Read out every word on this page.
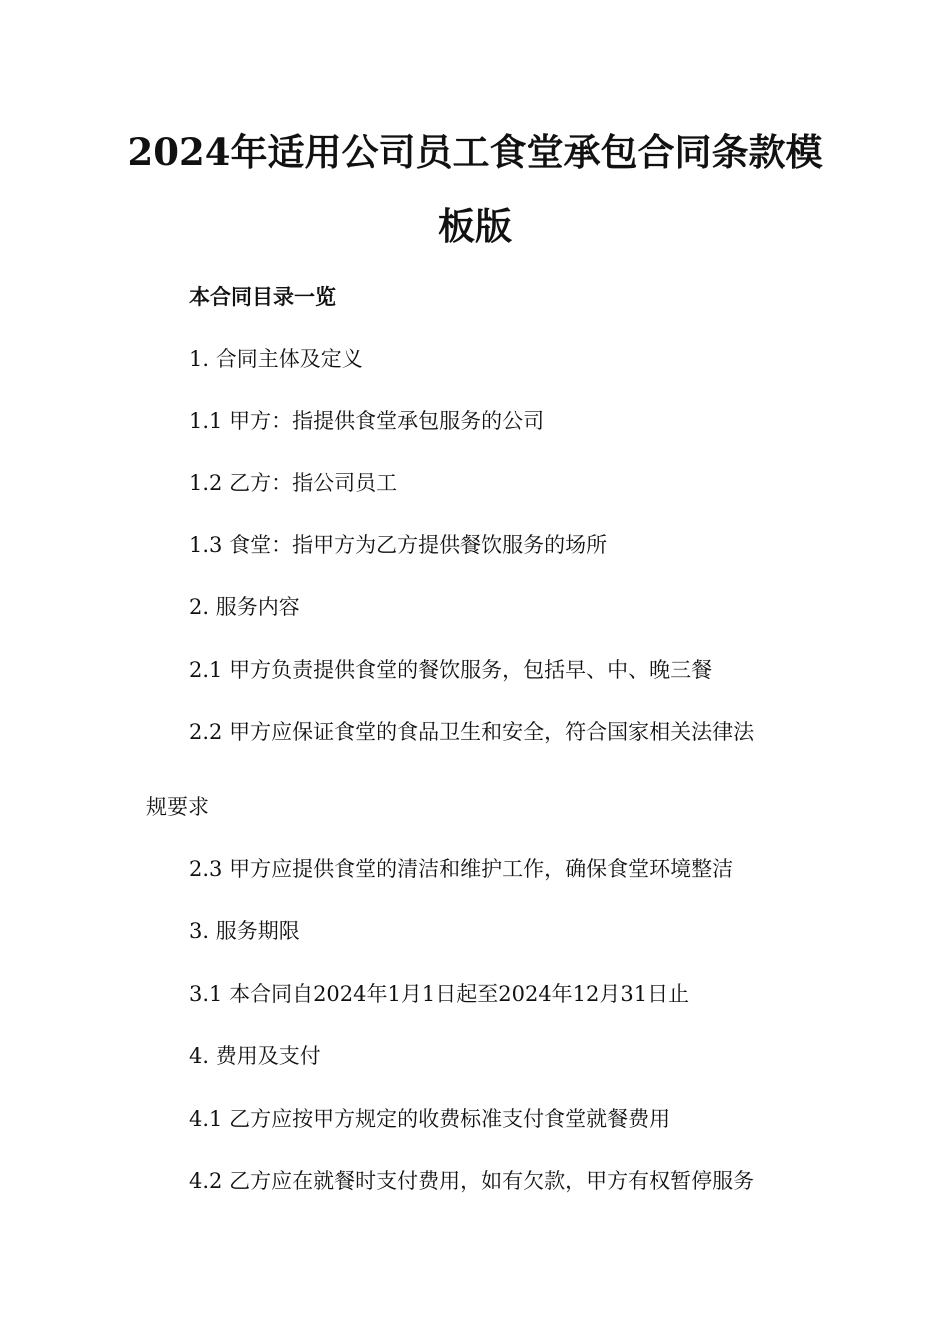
2024年适用公司员工食堂承包合同条款模
板版

本合同目录一览

1. 合同主体及定义

1.1 甲方：指提供食堂承包服务的公司

1.2 乙方：指公司员工

1.3 食堂：指甲方为乙方提供餐饮服务的场所

2. 服务内容

2.1 甲方负责提供食堂的餐饮服务，包括早、中、晚三餐

2.2 甲方应保证食堂的食品卫生和安全，符合国家相关法律法

规要求

2.3 甲方应提供食堂的清洁和维护工作，确保食堂环境整洁

3. 服务期限

3.1 本合同自2024年1月1日起至2024年12月31日止

4. 费用及支付

4.1 乙方应按甲方规定的收费标准支付食堂就餐费用

4.2 乙方应在就餐时支付费用，如有欠款，甲方有权暂停服务
